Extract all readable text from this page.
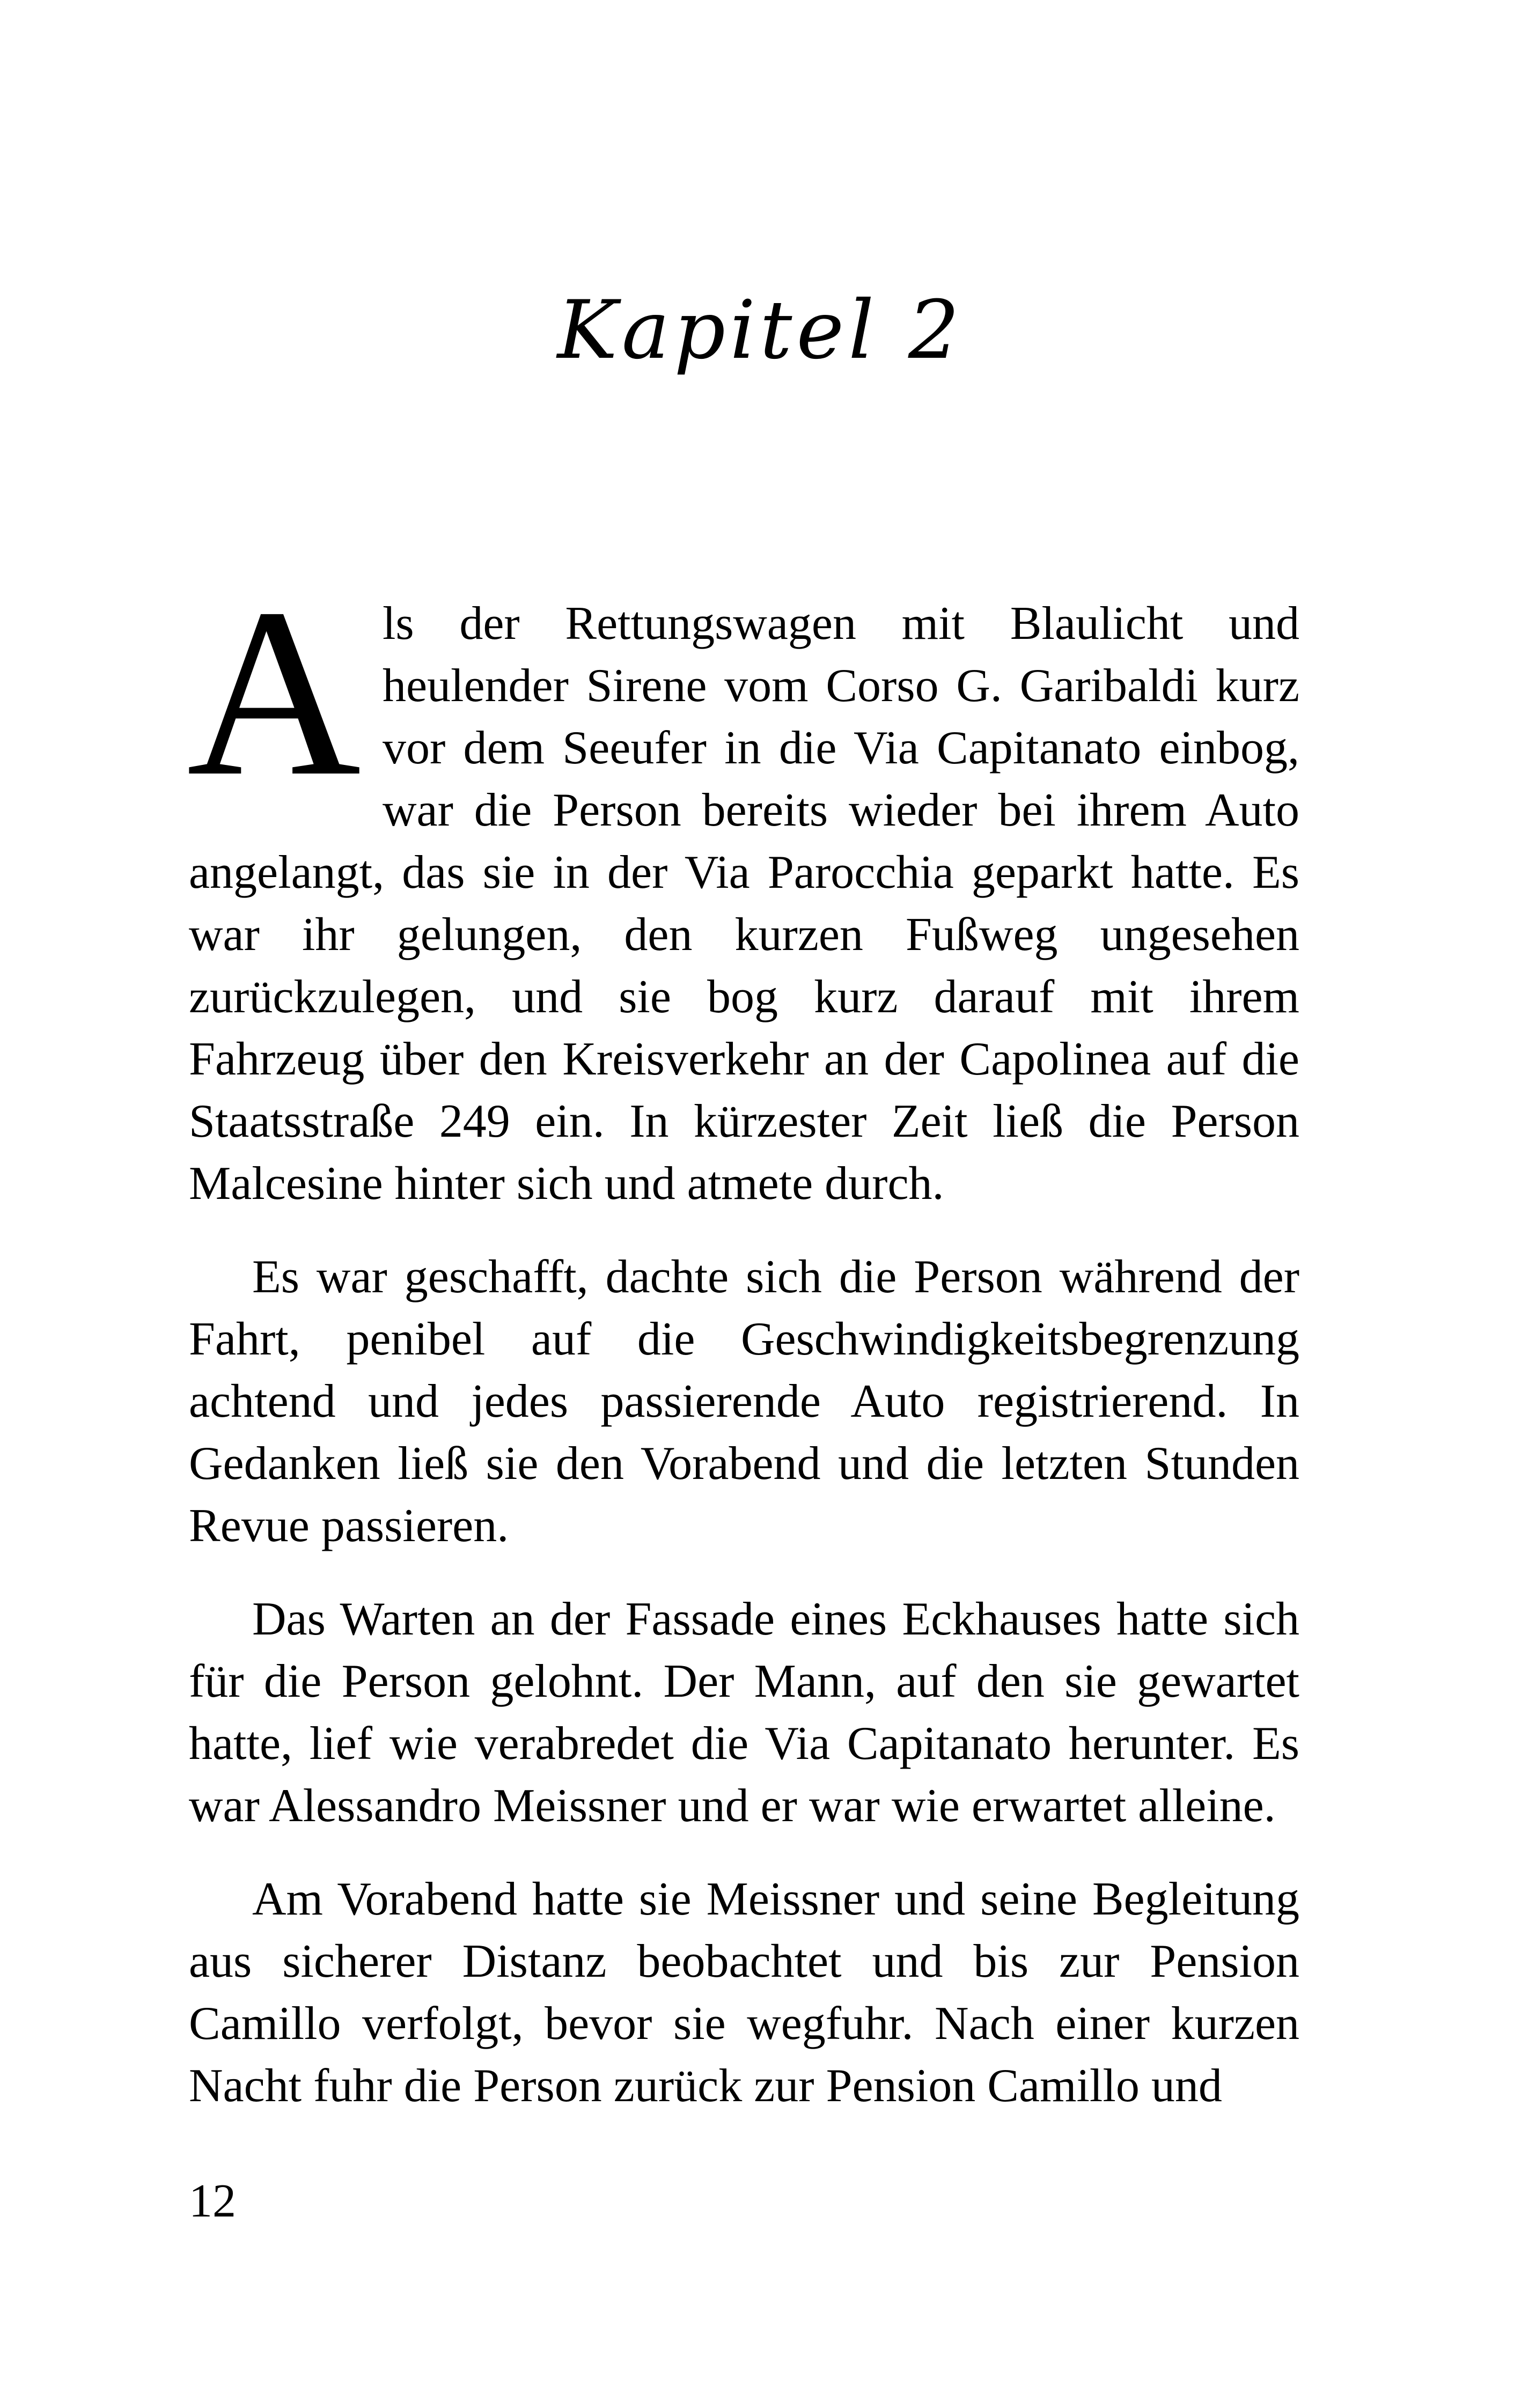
Kapitel 2

Als der Rettungswagen mit Blaulicht und heulender Sirene vom Corso G. Garibaldi kurz vor dem Seeufer in die Via Capitanato einbog, war die Person bereits wieder bei ihrem Auto angelangt, das sie in der Via Parocchia geparkt hatte. Es war ihr gelungen, den kurzen Fußweg ungesehen zurückzulegen, und sie bog kurz darauf mit ihrem Fahrzeug über den Kreisverkehr an der Capolinea auf die Staatsstraße 249 ein. In kürzester Zeit ließ die Person Malcesine hinter sich und atmete durch.

Es war geschafft, dachte sich die Person während der Fahrt, penibel auf die Geschwindigkeitsbegrenzung achtend und jedes passierende Auto registrierend. In Gedanken ließ sie den Vorabend und die letzten Stunden Revue passieren.

Das Warten an der Fassade eines Eckhauses hatte sich für die Person gelohnt. Der Mann, auf den sie gewartet hatte, lief wie verabredet die Via Capitanato herunter. Es war Alessandro Meissner und er war wie erwartet alleine.

Am Vorabend hatte sie Meissner und seine Begleitung aus sicherer Distanz beobachtet und bis zur Pension Camillo verfolgt, bevor sie wegfuhr. Nach einer kurzen Nacht fuhr die Person zurück zur Pension Camillo und

12
